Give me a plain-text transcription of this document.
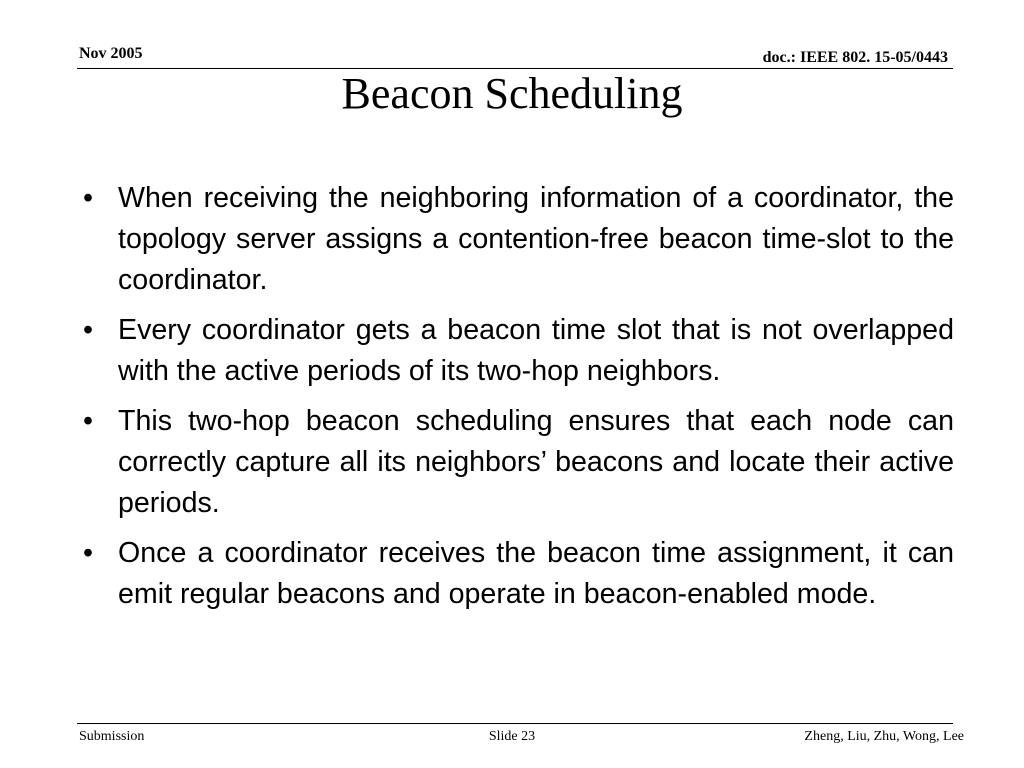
Nov 2005	doc.: IEEE 802. 15-05/0443
Beacon Scheduling
• When receiving the neighboring information of a coordinator, the topology server assigns a contention-free beacon time-slot to the coordinator.
• Every coordinator gets a beacon time slot that is not overlapped with the active periods of its two-hop neighbors.
• This two-hop beacon scheduling ensures that each node can correctly capture all its neighbors’ beacons and locate their active periods.
• Once a coordinator receives the beacon time assignment, it can emit regular beacons and operate in beacon-enabled mode.
Submission	Slide 23	Zheng, Liu, Zhu, Wong, Lee
